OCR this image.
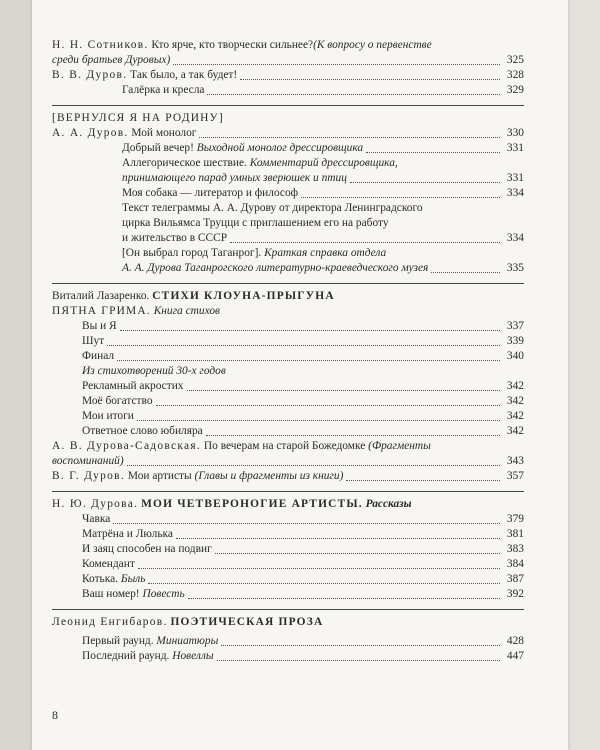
Н. Н. Сотников. Кто ярче, кто творчески сильнее?(К вопросу о первенстве
среди братьев Дуровых)	325
В. В. Дуров. Так было, а так будет!	328
Галёрка и кресла	329
[ВЕРНУЛСЯ Я НА РОДИНУ]
А. А. Дуров. Мой монолог	330
Добрый вечер! Выходной монолог дрессировщика	331
Аллегорическое шествие. Комментарий дрессировщика,
принимающего парад умных зверюшек и птиц	331
Моя собака — литератор и философ	334
Текст телеграммы А. А. Дурову от директора Ленинградского
цирка Вильямса Труцци с приглашением его на работу
и жительство в СССР	334
[Он выбрал город Таганрог]. Краткая справка отдела
А. А. Дурова Таганрогского литературно-краеведческого музея	335
Виталий Лазаренко. СТИХИ КЛОУНА-ПРЫГУНА
ПЯТНА ГРИМА. Книга стихов
Вы и Я	337
Шут	339
Финал	340
Из стихотворений 30-х годов
Рекламный акростих	342
Моё богатство	342
Мои итоги	342
Ответное слово юбиляра	342
А. В. Дурова-Садовская. По вечерам на старой Божедомке (Фрагменты
воспоминаний)	343
В. Г. Дуров. Мои артисты (Главы и фрагменты из книги)	357
Н. Ю. Дурова. МОИ ЧЕТВЕРОНОГИЕ АРТИСТЫ. Рассказы
Чавка	379
Матрёна и Люлька	381
И заяц способен на подвиг	383
Комендант	384
Котька. Быль	387
Ваш номер! Повесть	392
Леонид Енгибаров. ПОЭТИЧЕСКАЯ ПРОЗА
Первый раунд. Миниатюры	428
Последний раунд. Новеллы	447
8
